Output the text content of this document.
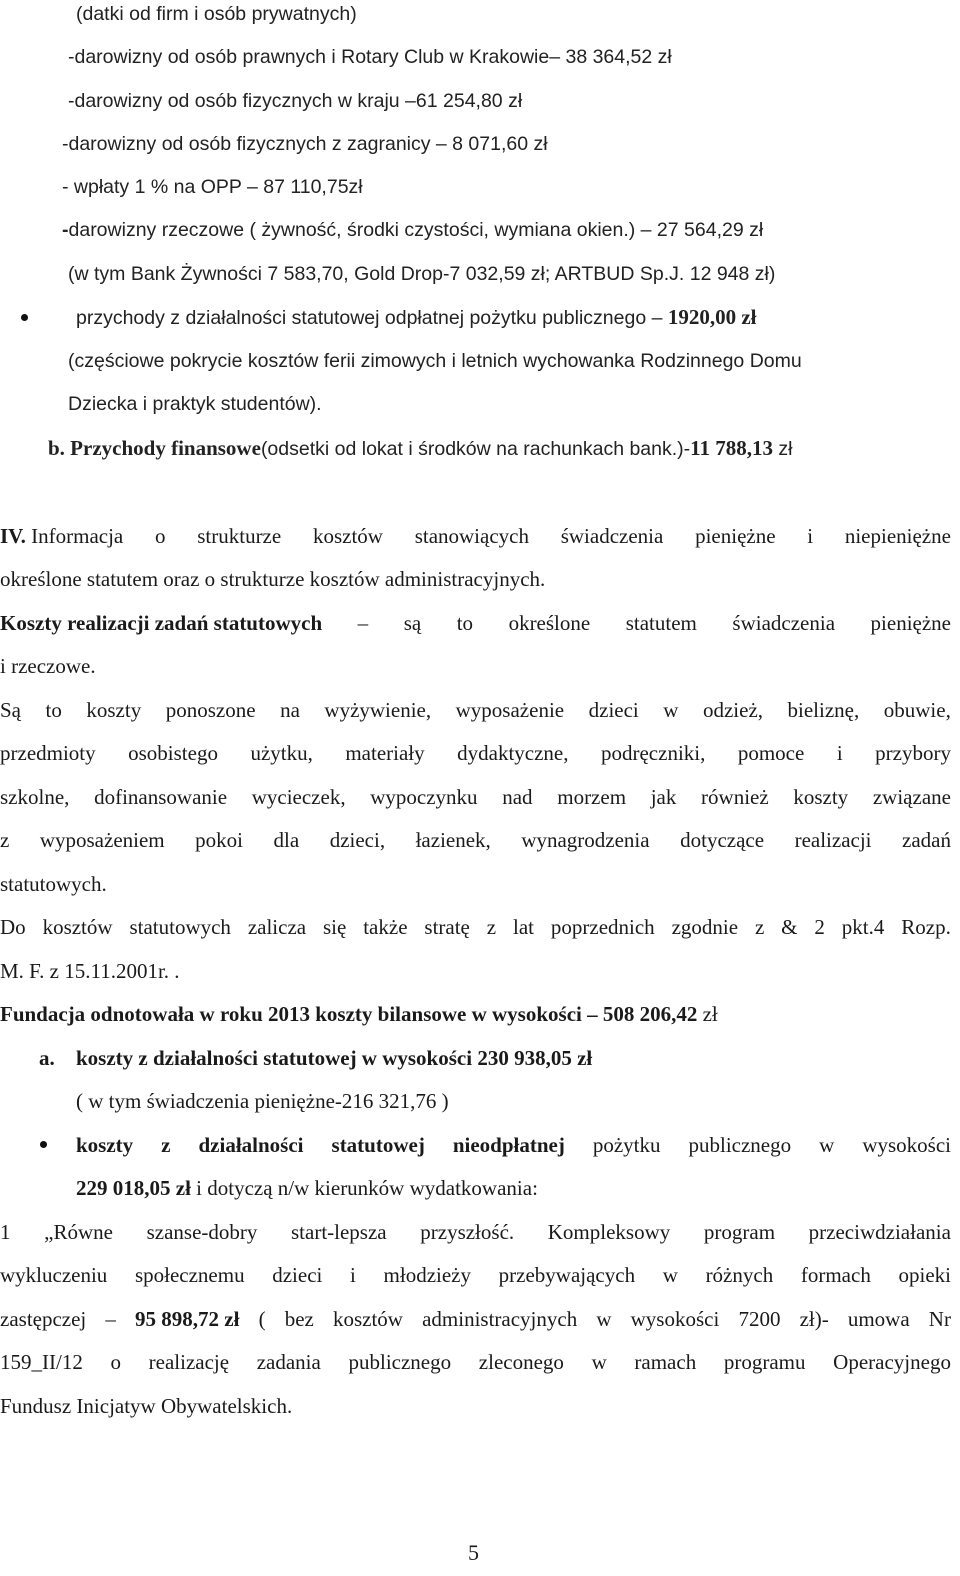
(datki od firm i osób prywatnych)
-darowizny od osób prawnych i Rotary Club w Krakowie– 38 364,52 zł
-darowizny od osób fizycznych w kraju –61 254,80 zł
-darowizny od osób fizycznych z zagranicy – 8 071,60 zł
- wpłaty 1 % na OPP – 87 110,75zł
-darowizny rzeczowe ( żywność, środki czystości, wymiana okien.) – 27 564,29 zł
(w tym Bank Żywności 7 583,70, Gold Drop-7 032,59 zł; ARTBUD Sp.J. 12 948 zł)
przychody z działalności statutowej odpłatnej pożytku publicznego – 1920,00 zł
(częściowe pokrycie kosztów ferii zimowych i letnich wychowanka Rodzinnego Domu
Dziecka i praktyk studentów).
b. Przychody finansowe(odsetki od lokat i środków na rachunkach bank.)-11 788,13 zł
IV. Informacja o strukturze kosztów stanowiących świadczenia pieniężne i niepieniężne
określone statutem oraz o strukturze kosztów administracyjnych.
Koszty realizacji zadań statutowych – są to określone statutem świadczenia pieniężne
i rzeczowe.
Są to koszty ponoszone na wyżywienie, wyposażenie dzieci w odzież, bieliznę, obuwie,
przedmioty osobistego użytku, materiały dydaktyczne, podręczniki, pomoce i przybory
szkolne, dofinansowanie wycieczek, wypoczynku nad morzem jak również koszty związane
z wyposażeniem pokoi dla dzieci, łazienek, wynagrodzenia dotyczące realizacji zadań
statutowych.
Do kosztów statutowych zalicza się także stratę z lat poprzednich zgodnie z & 2 pkt.4 Rozp.
M. F. z 15.11.2001r. .
Fundacja odnotowała w roku 2013 koszty bilansowe w wysokości – 508 206,42 zł
a. koszty z działalności statutowej w wysokości 230 938,05 zł
( w tym świadczenia pieniężne-216 321,76 )
koszty z działalności statutowej nieodpłatnej pożytku publicznego w wysokości
229 018,05 zł i dotyczą n/w kierunków wydatkowania:
1 „Równe szanse-dobry start-lepsza przyszłość. Kompleksowy program przeciwdziałania
wykluczeniu społecznemu dzieci i młodzieży przebywających w różnych formach opieki
zastępczej – 95 898,72 zł ( bez kosztów administracyjnych w wysokości 7200 zł)- umowa Nr
159_II/12 o realizację zadania publicznego zleconego w ramach programu Operacyjnego
Fundusz Inicjatyw Obywatelskich.
5
